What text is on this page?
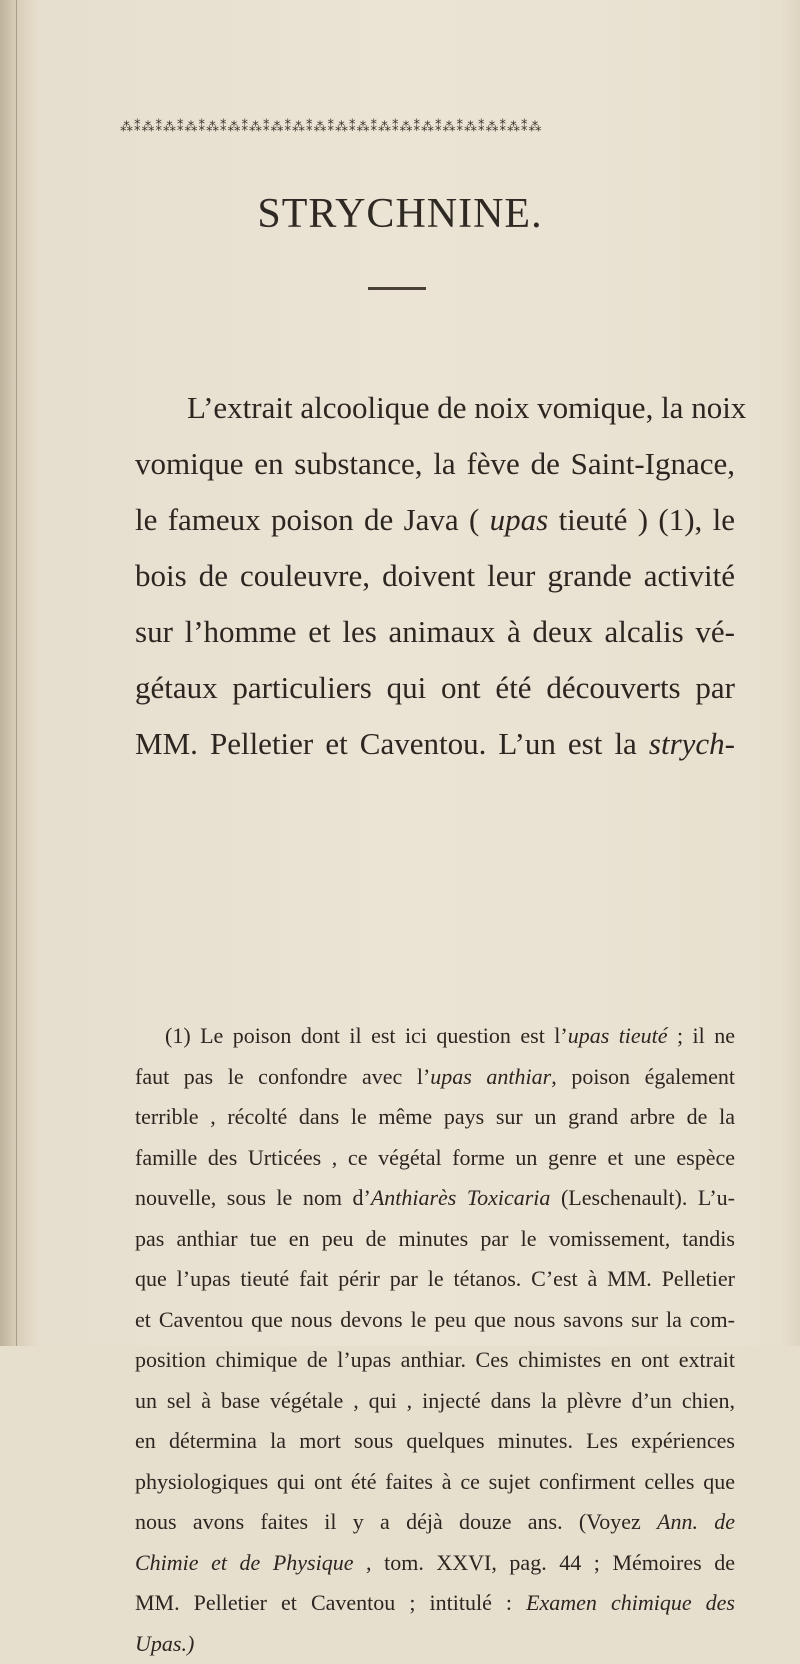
⁂⁑⁂⁑⁂⁑⁂⁑⁂⁑⁂⁑⁂⁑⁂⁑⁂⁑⁂⁑⁂⁑⁂⁑⁂⁑⁂⁑⁂⁑⁂⁑⁂⁑⁂⁑⁂⁑⁂
STRYCHNINE.
L’extrait alcoolique de noix vomique, la noix
vomique en substance, la fève de Saint-Ignace,
le fameux poison de Java ( upas tieuté ) (1), le
bois de couleuvre, doivent leur grande activité
sur l’homme et les animaux à deux alcalis vé-
gétaux particuliers qui ont été découverts par
MM. Pelletier et Caventou. L’un est la strych-
(1) Le poison dont il est ici question est l’upas tieuté ; il ne
faut pas le confondre avec l’upas anthiar, poison également
terrible , récolté dans le même pays sur un grand arbre de la
famille des Urticées , ce végétal forme un genre et une espèce
nouvelle, sous le nom d’Anthiarès Toxicaria (Leschenault). L’u-
pas anthiar tue en peu de minutes par le vomissement, tandis
que l’upas tieuté fait périr par le tétanos. C’est à MM. Pelletier
et Caventou que nous devons le peu que nous savons sur la com-
position chimique de l’upas anthiar. Ces chimistes en ont extrait
un sel à base végétale , qui , injecté dans la plèvre d’un chien,
en détermina la mort sous quelques minutes. Les expériences
physiologiques qui ont été faites à ce sujet confirment celles que
nous avons faites il y a déjà douze ans. (Voyez Ann. de
Chimie et de Physique , tom. XXVI, pag. 44 ; Mémoires de
MM. Pelletier et Caventou ; intitulé : Examen chimique des
Upas.)
